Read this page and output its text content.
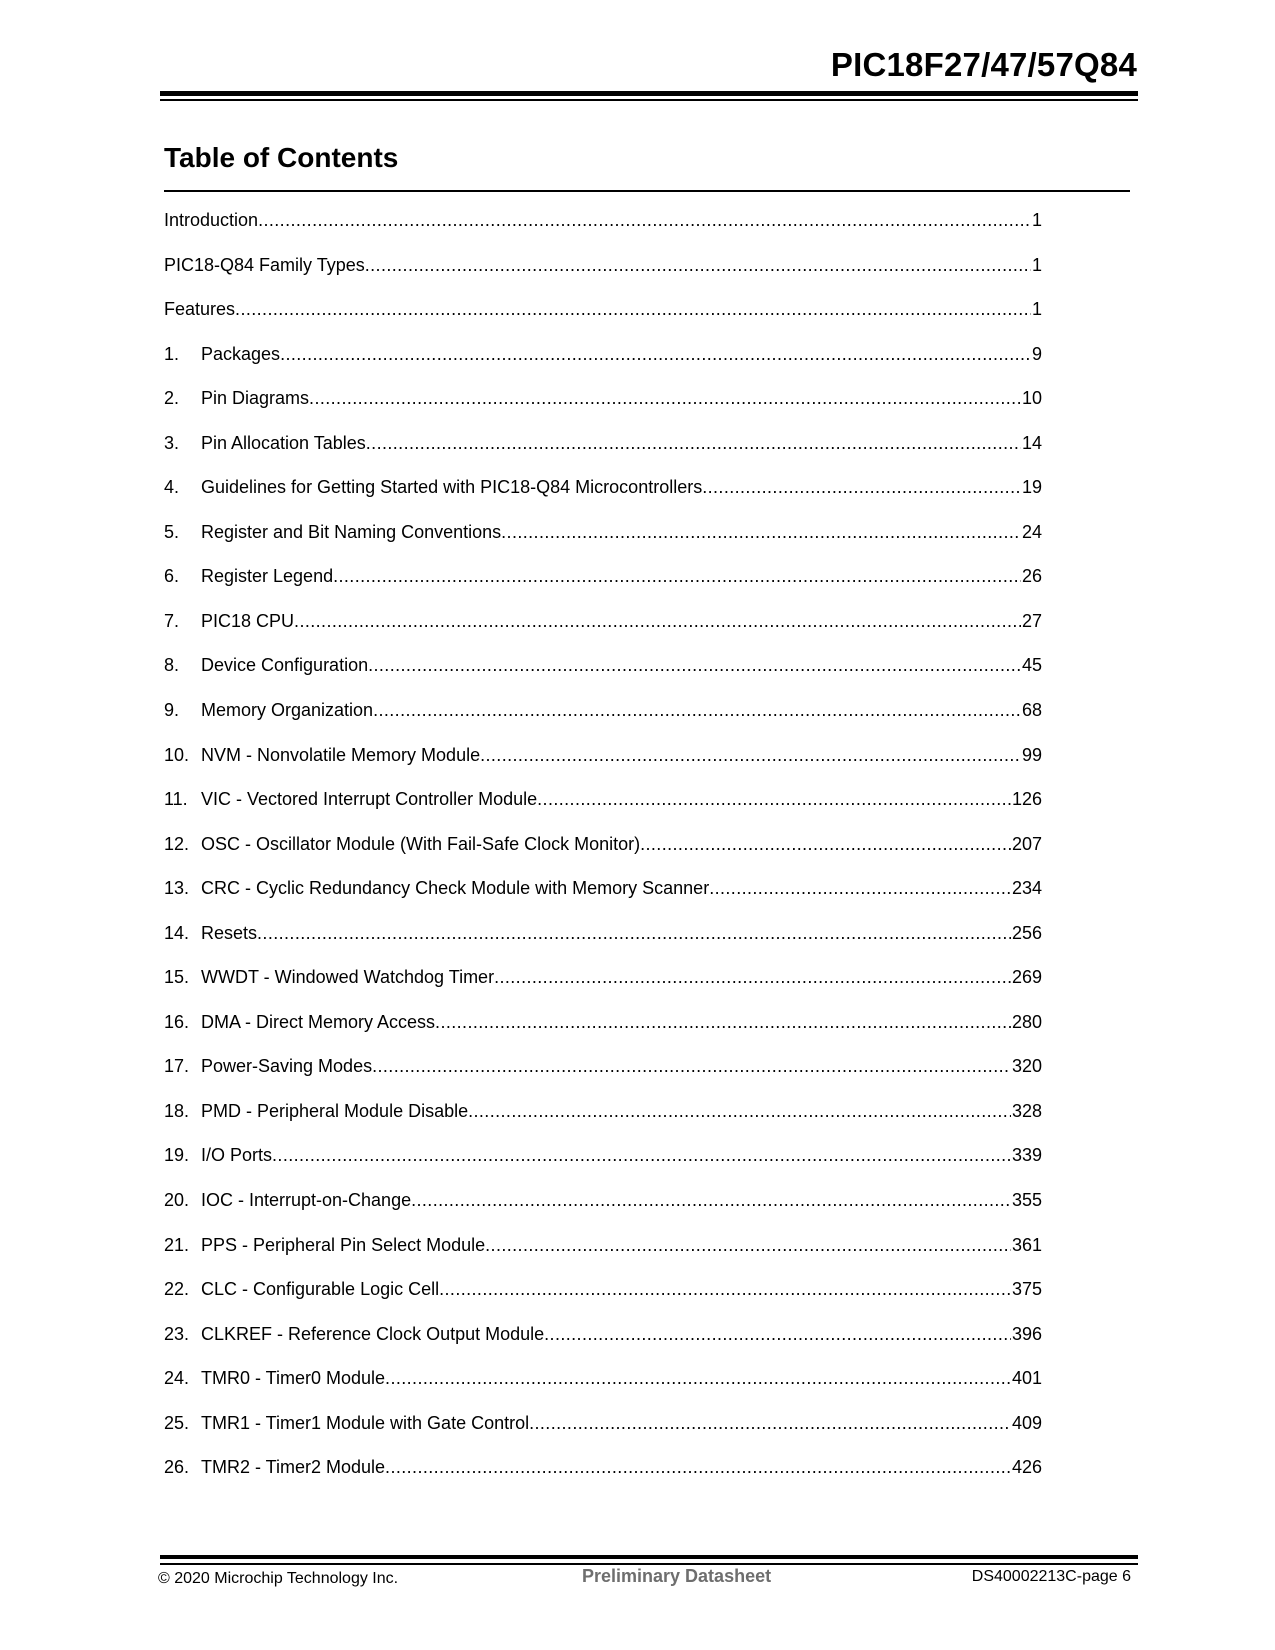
PIC18F27/47/57Q84
Table of Contents
Introduction .....	1
PIC18-Q84 Family Types .....	1
Features .....	1
1.	Packages .....	9
2.	Pin Diagrams .....	10
3.	Pin Allocation Tables .....	14
4.	Guidelines for Getting Started with PIC18-Q84 Microcontrollers .....	19
5.	Register and Bit Naming Conventions .....	24
6.	Register Legend .....	26
7.	PIC18 CPU .....	27
8.	Device Configuration .....	45
9.	Memory Organization .....	68
10. NVM - Nonvolatile Memory Module .....	99
11. VIC - Vectored Interrupt Controller Module .....	126
12. OSC - Oscillator Module (With Fail-Safe Clock Monitor) .....	207
13. CRC - Cyclic Redundancy Check Module with Memory Scanner .....	234
14. Resets .....	256
15. WWDT - Windowed Watchdog Timer .....	269
16. DMA - Direct Memory Access .....	280
17. Power-Saving Modes .....	320
18. PMD - Peripheral Module Disable .....	328
19. I/O Ports .....	339
20. IOC - Interrupt-on-Change .....	355
21. PPS - Peripheral Pin Select Module .....	361
22. CLC - Configurable Logic Cell .....	375
23. CLKREF - Reference Clock Output Module .....	396
24. TMR0 - Timer0 Module .....	401
25. TMR1 - Timer1 Module with Gate Control .....	409
26. TMR2 - Timer2 Module .....	426
© 2020 Microchip Technology Inc.	Preliminary Datasheet	DS40002213C-page 6
